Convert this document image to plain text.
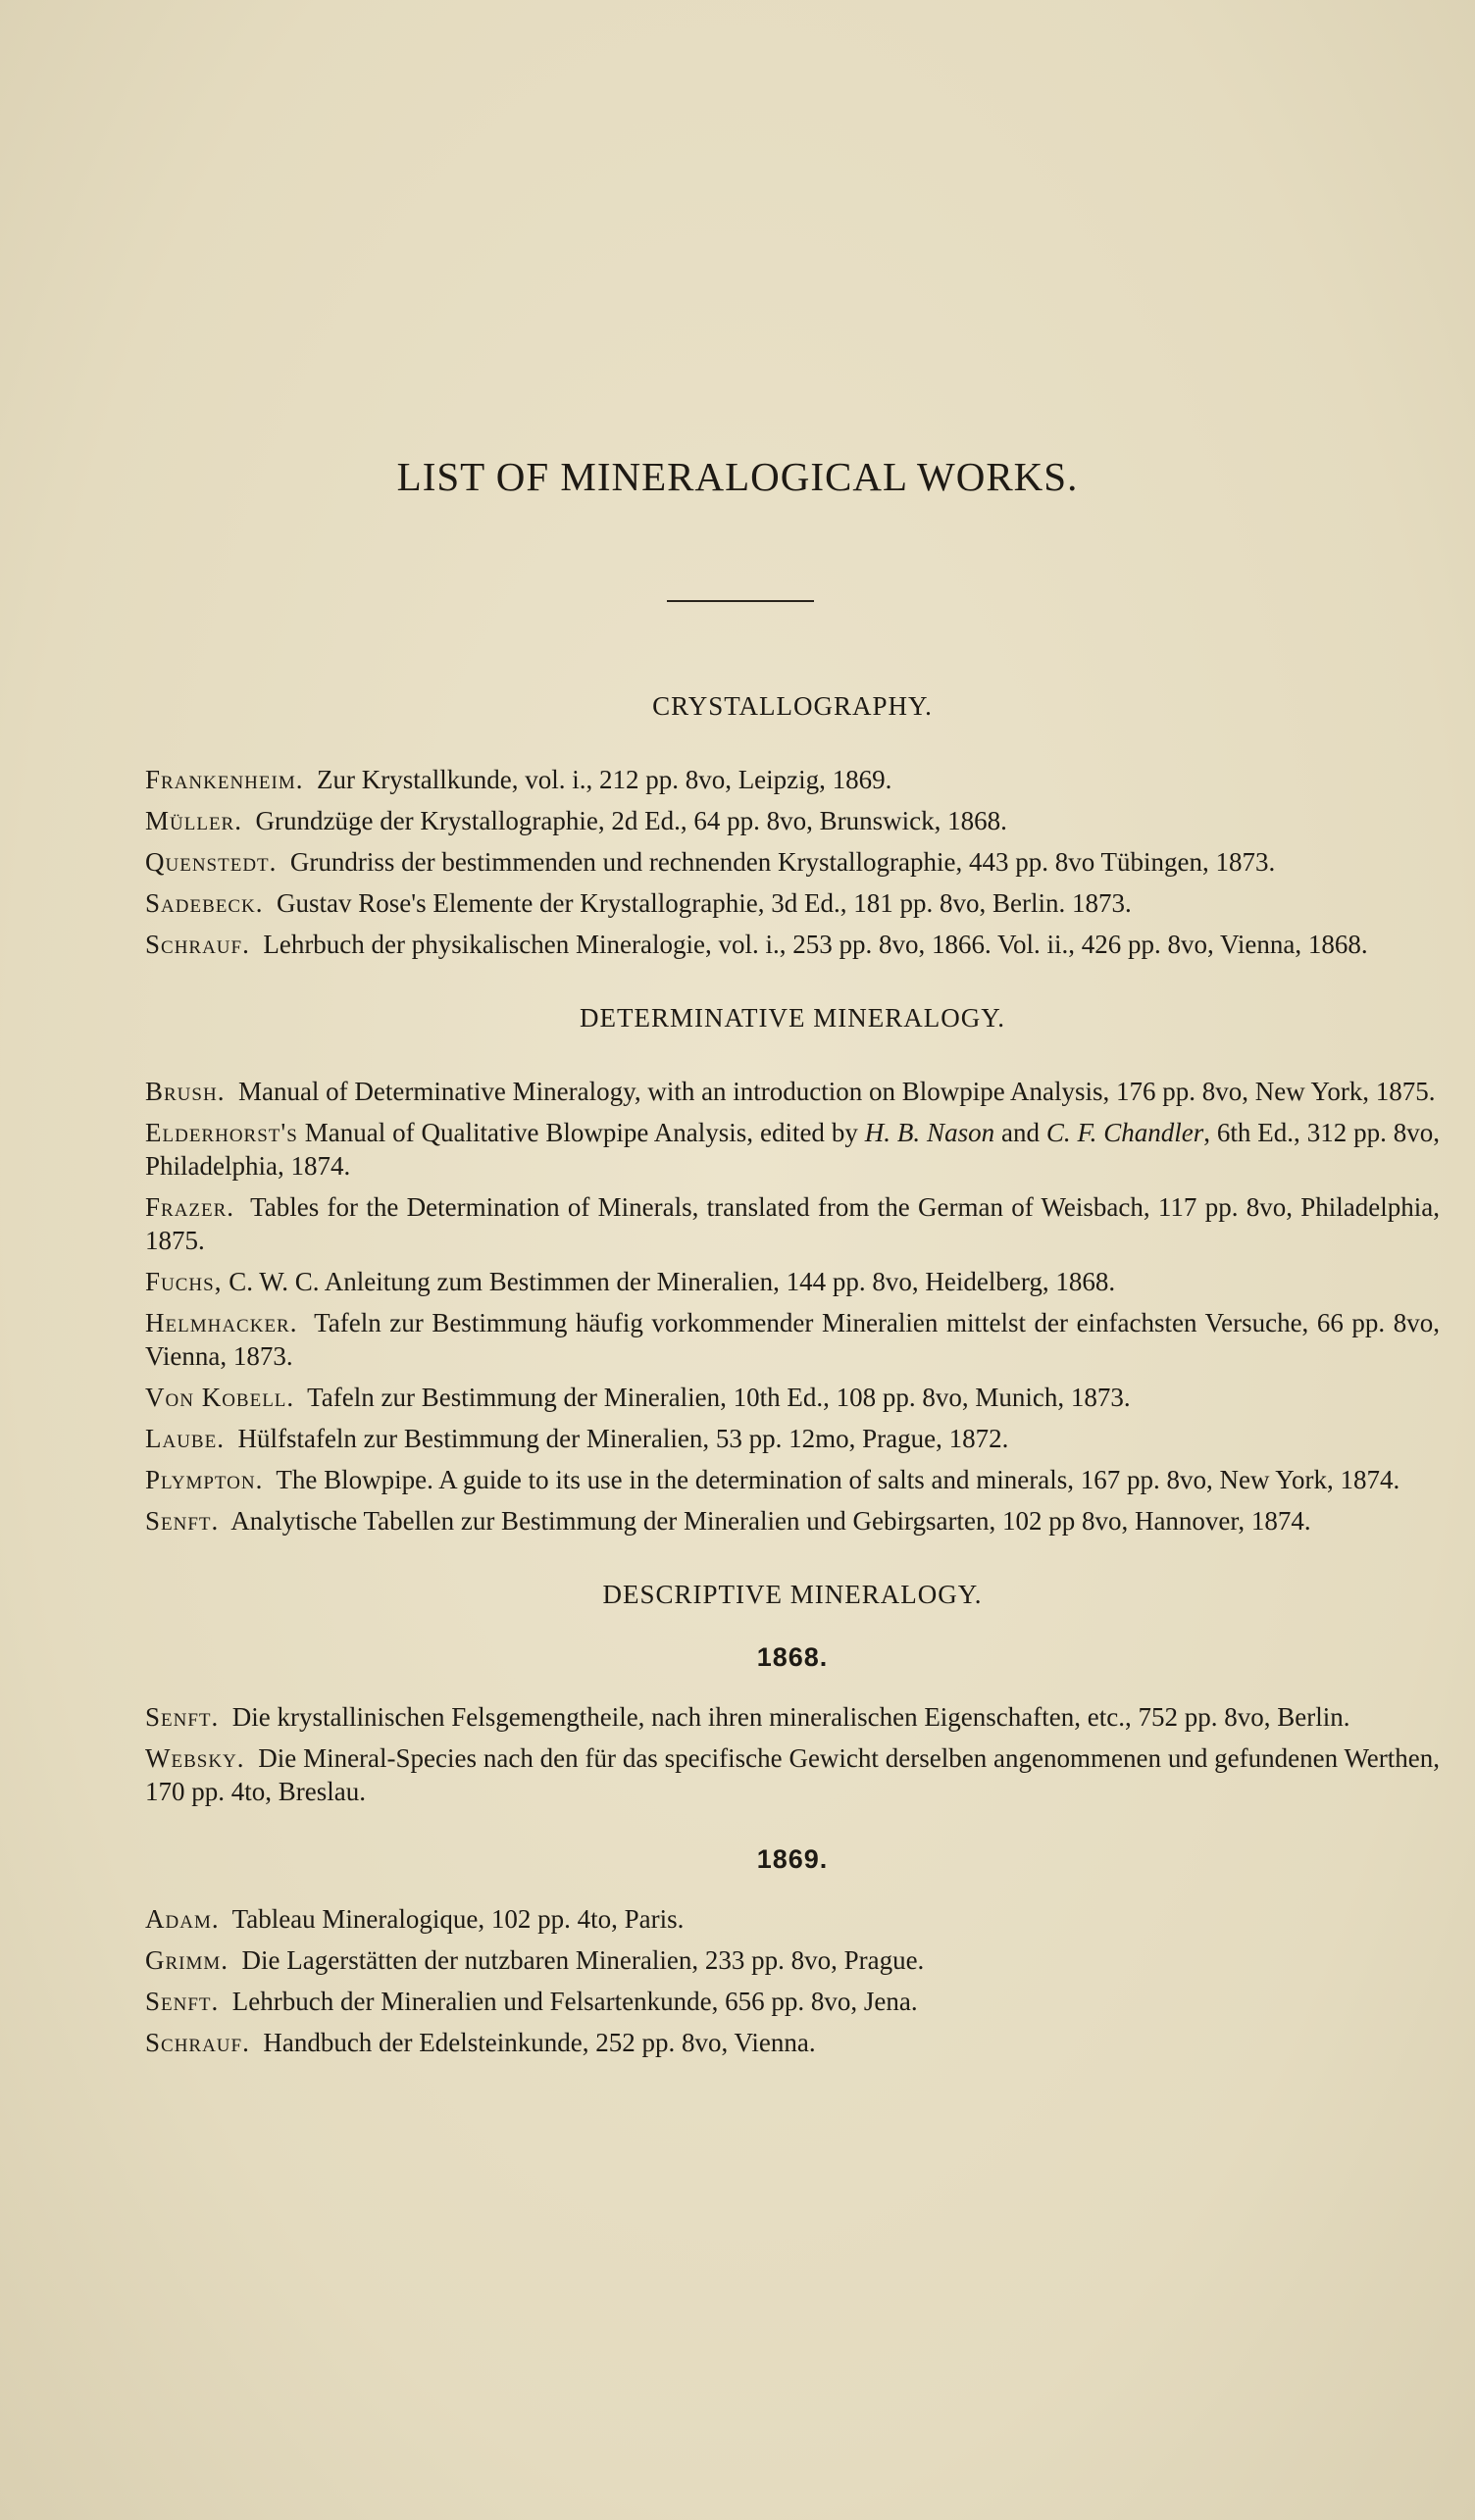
LIST OF MINERALOGICAL WORKS.
CRYSTALLOGRAPHY.

Frankenheim. Zur Krystallkunde, vol. i., 212 pp. 8vo, Leipzig, 1869.

Müller. Grundzüge der Krystallographie, 2d Ed., 64 pp. 8vo, Brunswick, 1868.

Quenstedt. Grundriss der bestimmenden und rechnenden Krystallographie, 443 pp. 8vo Tübingen, 1873.

Sadebeck. Gustav Rose's Elemente der Krystallographie, 3d Ed., 181 pp. 8vo, Berlin. 1873.

Schrauf. Lehrbuch der physikalischen Mineralogie, vol. i., 253 pp. 8vo, 1866. Vol. ii., 426 pp. 8vo, Vienna, 1868.

DETERMINATIVE MINERALOGY.

Brush. Manual of Determinative Mineralogy, with an introduction on Blowpipe Analysis, 176 pp. 8vo, New York, 1875.

Elderhorst's Manual of Qualitative Blowpipe Analysis, edited by H. B. Nason and C. F. Chandler, 6th Ed., 312 pp. 8vo, Philadelphia, 1874.

Frazer. Tables for the Determination of Minerals, translated from the German of Weisbach, 117 pp. 8vo, Philadelphia, 1875.

Fuchs, C. W. C. Anleitung zum Bestimmen der Mineralien, 144 pp. 8vo, Heidelberg, 1868.

Helmhacker. Tafeln zur Bestimmung häufig vorkommender Mineralien mittelst der einfachsten Versuche, 66 pp. 8vo, Vienna, 1873.

Von Kobell. Tafeln zur Bestimmung der Mineralien, 10th Ed., 108 pp. 8vo, Munich, 1873.

Laube. Hülfstafeln zur Bestimmung der Mineralien, 53 pp. 12mo, Prague, 1872.

Plympton. The Blowpipe. A guide to its use in the determination of salts and minerals, 167 pp. 8vo, New York, 1874.

Senft. Analytische Tabellen zur Bestimmung der Mineralien und Gebirgsarten, 102 pp 8vo, Hannover, 1874.

DESCRIPTIVE MINERALOGY.
1868.

Senft. Die krystallinischen Felsgemengtheile, nach ihren mineralischen Eigenschaften, etc., 752 pp. 8vo, Berlin.

Websky. Die Mineral-Species nach den für das specifische Gewicht derselben angenommenen und gefundenen Werthen, 170 pp. 4to, Breslau.

1869.

Adam. Tableau Mineralogique, 102 pp. 4to, Paris.

Grimm. Die Lagerstätten der nutzbaren Mineralien, 233 pp. 8vo, Prague.

Senft. Lehrbuch der Mineralien und Felsartenkunde, 656 pp. 8vo, Jena.

Schrauf. Handbuch der Edelsteinkunde, 252 pp. 8vo, Vienna.
